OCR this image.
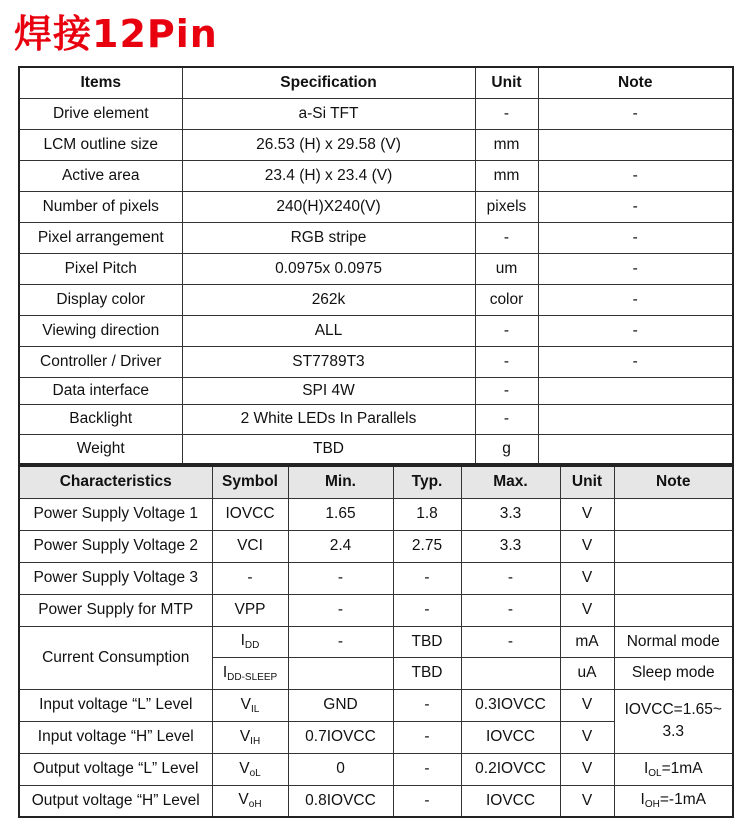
焊接12Pin
Items	Specification	Unit	Note
Drive element	a-Si TFT	-	-
LCM outline size	26.53 (H) x 29.58 (V)	mm	
Active area	23.4 (H) x 23.4 (V)	mm	-
Number of pixels	240(H)X240(V)	pixels	-
Pixel arrangement	RGB stripe	-	-
Pixel Pitch	0.0975x 0.0975	um	-
Display color	262k	color	-
Viewing direction	ALL	-	-
Controller / Driver	ST7789T3	-	-
Data interface	SPI 4W	-	
Backlight	2 White LEDs In Parallels	-	
Weight	TBD	g	
Characteristics	Symbol	Min.	Typ.	Max.	Unit	Note
Power Supply Voltage 1	IOVCC	1.65	1.8	3.3	V	
Power Supply Voltage 2	VCI	2.4	2.75	3.3	V	
Power Supply Voltage 3	-	-	-	-	V	
Power Supply for MTP	VPP	-	-	-	V	
Current Consumption	$I_{DD}$	-	TBD	-	mA	Normal mode
	$I_{DD-SLEEP}$		TBD		uA	Sleep mode
Input voltage “L” Level	$V_{IL}$	GND	-	0.3IOVCC	V	IOVCC=1.65~ 3.3
Input voltage “H” Level	$V_{IH}$	0.7IOVCC	-	IOVCC	V	
Output voltage “L” Level	$V_{oL}$	0	-	0.2IOVCC	V	$I_{OL}=1mA$
Output voltage “H” Level	$V_{oH}$	0.8IOVCC	-	IOVCC	V	$I_{OH}=-1mA$
